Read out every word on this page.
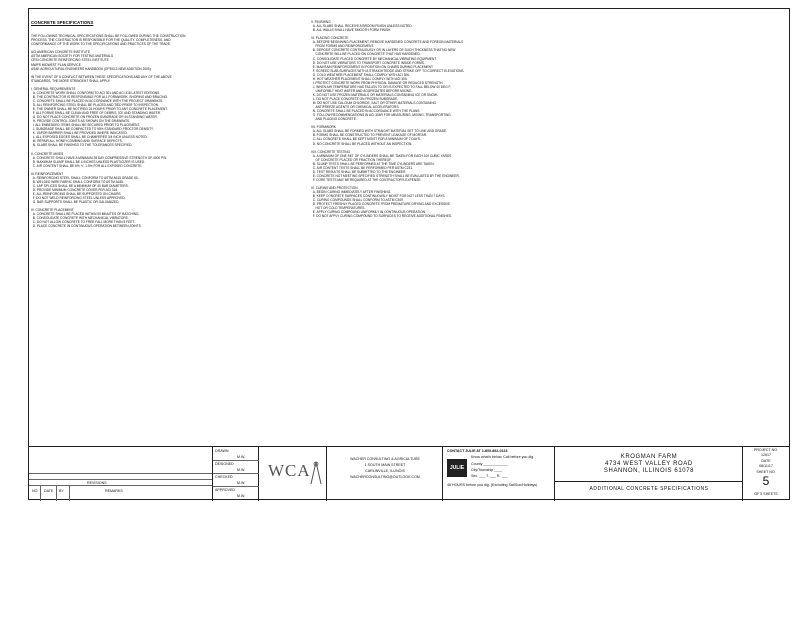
CONCRETE SPECIFICATIONS

THE FOLLOWING TECHNICAL SPECIFICATIONS SHALL BE FOLLOWED DURING THE CONSTRUCTION
PROCESS. THE CONTRACTOR IS RESPONSIBLE FOR THE QUALITY, COMPLETENESS, AND
CONFORMANCE OF THE WORK TO THE SPECIFICATIONS AND PRACTICES OF THE TRADE.

ACI AMERICAN CONCRETE INSTITUTE
ASTM AMERICAN SOCIETY FOR TESTING MATERIALS
CRSI CONCRETE REINFORCING STEEL INSTITUTE
MWPS MIDWEST PLAN SERVICE
ASAE AGRICULTURAL ENGINEERS HANDBOOK (EP393.3 NEW ADDITION 2005)

IN THE EVENT OF A CONFLICT BETWEEN THESE SPECIFICATIONS AND ANY OF THE ABOVE
STANDARDS, THE MORE STRINGENT SHALL APPLY.

I. GENERAL REQUIREMENTS
A. CONCRETE WORK SHALL CONFORM TO ACI 301 AND ACI 318 LATEST EDITIONS.
B. THE CONTRACTOR IS RESPONSIBLE FOR ALL FORMWORK, SHORING AND BRACING.
C. CONCRETE SHALL BE PLACED IN ACCORDANCE WITH THE PROJECT DRAWINGS.
D. ALL REINFORCING STEEL SHALL BE PLACED AND TIED PRIOR TO INSPECTION.
E. THE OWNER SHALL BE NOTIFIED 24 HOURS PRIOR TO ANY CONCRETE PLACEMENT.
F. ALL FORMS SHALL BE CLEAN AND FREE OF DEBRIS, ICE AND STANDING WATER.
G. DO NOT PLACE CONCRETE ON FROZEN SUBGRADE OR IN STANDING WATER.
H. PROVIDE CONTROL JOINTS AS SHOWN ON THE DRAWINGS.
I. ALL EMBEDDED ITEMS SHALL BE SECURED PRIOR TO PLACEMENT.
J. SUBGRADE SHALL BE COMPACTED TO 95% STANDARD PROCTOR DENSITY.
K. VAPOR BARRIER SHALL BE PROVIDED WHERE INDICATED.
L. ALL EXPOSED EDGES SHALL BE CHAMFERED 3/4 INCH UNLESS NOTED.
M. REPAIR ALL HONEYCOMBING AND SURFACE DEFECTS.
N. SLABS SHALL BE FINISHED TO THE TOLERANCES SPECIFIED.

II. CONCRETE MIXES
A. CONCRETE SHALL HAVE A MINIMUM 28 DAY COMPRESSIVE STRENGTH OF 4000 PSI.
B. MAXIMUM SLUMP SHALL BE 4 INCHES UNLESS PLASTICIZER IS USED.
C. AIR CONTENT SHALL BE 6% +/- 1.5% FOR ALL EXPOSED CONCRETE.

III. REINFORCEMENT
A. REINFORCING STEEL SHALL CONFORM TO ASTM A615 GRADE 60.
B. WELDED WIRE FABRIC SHALL CONFORM TO ASTM A185.
C. LAP SPLICES SHALL BE A MINIMUM OF 40 BAR DIAMETERS.
D. PROVIDE MINIMUM CONCRETE COVER PER ACI 318.
E. ALL REINFORCING SHALL BE SUPPORTED ON CHAIRS.
F. DO NOT WELD REINFORCING STEEL UNLESS APPROVED.
G. BAR SUPPORTS SHALL BE PLASTIC OR GALVANIZED.

IV. CONCRETE PLACEMENT
A. CONCRETE SHALL BE PLACED WITHIN 90 MINUTES OF BATCHING.
B. CONSOLIDATE CONCRETE WITH MECHANICAL VIBRATORS.
C. DO NOT ALLOW CONCRETE TO FREE FALL MORE THAN 5 FEET.
D. PLACE CONCRETE IN CONTINUOUS OPERATION BETWEEN JOINTS.

V. FINISHING
A. ALL SLABS SHALL RECEIVE A BROOM FINISH UNLESS NOTED.
B. ALL WALLS SHALL HAVE SMOOTH FORM FINISH.

VI. PLACING CONCRETE
A. BEFORE BEGINNING PLACEMENT, REMOVE HARDENED CONCRETE AND FOREIGN MATERIALS
FROM FORMS AND REINFORCEMENT.
B. DEPOSIT CONCRETE CONTINUOUSLY OR IN LAYERS OF SUCH THICKNESS THAT NO NEW
CONCRETE WILL BE PLACED ON CONCRETE THAT HAS HARDENED.
C. CONSOLIDATE PLACED CONCRETE BY MECHANICAL VIBRATING EQUIPMENT.
D. DO NOT USE VIBRATORS TO TRANSPORT CONCRETE INSIDE FORMS.
E. MAINTAIN REINFORCEMENT IN POSITION ON CHAIRS DURING PLACEMENT.
F. SCREED SLAB SURFACES WITH A STRAIGHTEDGE AND STRIKE OFF TO CORRECT ELEVATIONS.
G. COLD WEATHER PLACEMENT SHALL COMPLY WITH ACI 306.
H. HOT WEATHER PLACEMENT SHALL COMPLY WITH ACI 305.
I. PROTECT CONCRETE WORK FROM PHYSICAL DAMAGE OR REDUCED STRENGTH.
J. WHEN AIR TEMPERATURE HAS FALLEN TO OR IS EXPECTED TO FALL BELOW 40 DEG F,
UNIFORMLY HEAT WATER AND AGGREGATES BEFORE MIXING.
K. DO NOT USE FROZEN MATERIALS OR MATERIALS CONTAINING ICE OR SNOW.
L. DO NOT PLACE CONCRETE ON FROZEN SUBGRADE.
M. DO NOT USE CALCIUM CHLORIDE, SALT OR OTHER MATERIALS CONTAINING
ANTIFREEZE AGENTS OR CHEMICAL ACCELERATORS.
N. CONCRETE SHALL BE PLACED IN ACCORDANCE WITH THE PLANS.
O. FOLLOW RECOMMENDATIONS IN ACI 304R FOR MEASURING, MIXING, TRANSPORTING
AND PLACING CONCRETE.

VII. FORMWORK
A. ALL SLABS SHALL BE FORMED WITH STRAIGHT MATERIAL SET TO LINE AND GRADE.
B. FORMS SHALL BE CONSTRUCTED TO PREVENT LEAKAGE OF MORTAR.
C. ALL CONCRETE SHALL BE KEPT MOIST FOR A MINIMUM OF 7 DAYS.
D. NO CONCRETE SHALL BE PLACED WITHOUT AN INSPECTION.

VIII. CONCRETE TESTING
A. A MINIMUM OF ONE SET OF CYLINDERS SHALL BE TAKEN FOR EACH 100 CUBIC YARDS
OF CONCRETE PLACED OR FRACTION THEREOF.
B. SLUMP TESTS SHALL BE PERFORMED AT THE TIME CYLINDERS ARE TAKEN.
C. AIR CONTENT TESTS SHALL BE PERFORMED PER ASTM C231.
D. TEST RESULTS SHALL BE SUBMITTED TO THE ENGINEER.
E. CONCRETE NOT MEETING SPECIFIED STRENGTH SHALL BE EVALUATED BY THE ENGINEER.
F. CORE TESTS MAY BE REQUIRED AT THE CONTRACTOR'S EXPENSE.

IX. CURING AND PROTECTION
A. BEGIN CURING IMMEDIATELY AFTER FINISHING.
B. KEEP CONCRETE SURFACES CONTINUOUSLY MOIST FOR NOT LESS THAN 7 DAYS.
C. CURING COMPOUNDS SHALL CONFORM TO ASTM C309.
D. PROTECT FRESHLY PLACED CONCRETE FROM PREMATURE DRYING AND EXCESSIVE
HOT OR COLD TEMPERATURES.
E. APPLY CURING COMPOUND UNIFORMLY IN CONTINUOUS OPERATION.
F. DO NOT APPLY CURING COMPOUND TO SURFACES TO RECEIVE ADDITIONAL FINISHES.

REVISIONS
NO. DATE BY	REMARKS
DRAWN
M.W.
DESIGNED
M.W.
CHECKED
M.W.
APPROVED
M.W.
WCA
WACHER CONSULTING & AGRICULTURE
1 SOUTH MAIN STREET
CARLINVILLE, ILLINOIS
WACHERCONSULTING@OUTLOOK.COM
CONTACT JULIE AT 1-800-892-0123
Know what's below. Call before you dig.
JULIE
County ____________
City/Township ____
Sec. ___ T. ___ R. ___
48 HOURS before you dig. (Excluding Sat/Sun/Holidays)
KROGMAN FARM
4734 WEST VALLEY ROAD
SHANNON, ILLINOIS 61078
ADDITIONAL CONCRETE SPECIFICATIONS
PROJECT NO.
12617
DATE
08/11/17
SHEET NO.
5
OF 5 SHEETS
